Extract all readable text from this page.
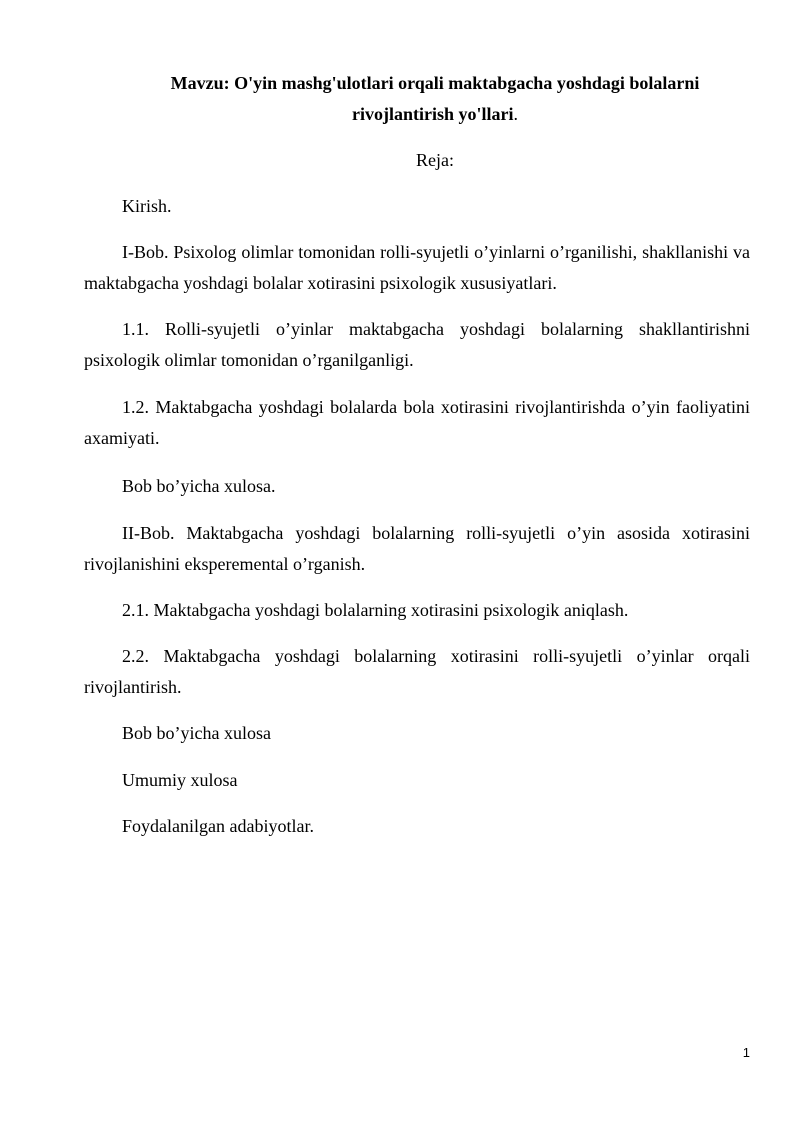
Mavzu: O'yin mashg'ulotlari orqali maktabgacha yoshdagi bolalarni
rivojlantirish yo'llari.
Reja:
Kirish.
I-Bob. Psixolog olimlar tomonidan rolli-syujetli o’yinlarni o’rganilishi, shakllanishi va maktabgacha yoshdagi bolalar xotirasini psixologik xususiyatlari.
1.1. Rolli-syujetli o’yinlar maktabgacha yoshdagi bolalarning shakllantirishni psixologik olimlar tomonidan o’rganilganligi.
1.2. Maktabgacha yoshdagi bolalarda bola xotirasini rivojlantirishda o’yin faoliyatini axamiyati.
Bob bo’yicha xulosa.
II-Bob. Maktabgacha yoshdagi bolalarning rolli-syujetli o’yin asosida xotirasini rivojlanishini eksperemental o’rganish.
2.1. Maktabgacha yoshdagi bolalarning xotirasini psixologik aniqlash.
2.2. Maktabgacha yoshdagi bolalarning xotirasini rolli-syujetli o’yinlar orqali rivojlantirish.
Bob bo’yicha xulosa
Umumiy xulosa
Foydalanilgan adabiyotlar.
1
